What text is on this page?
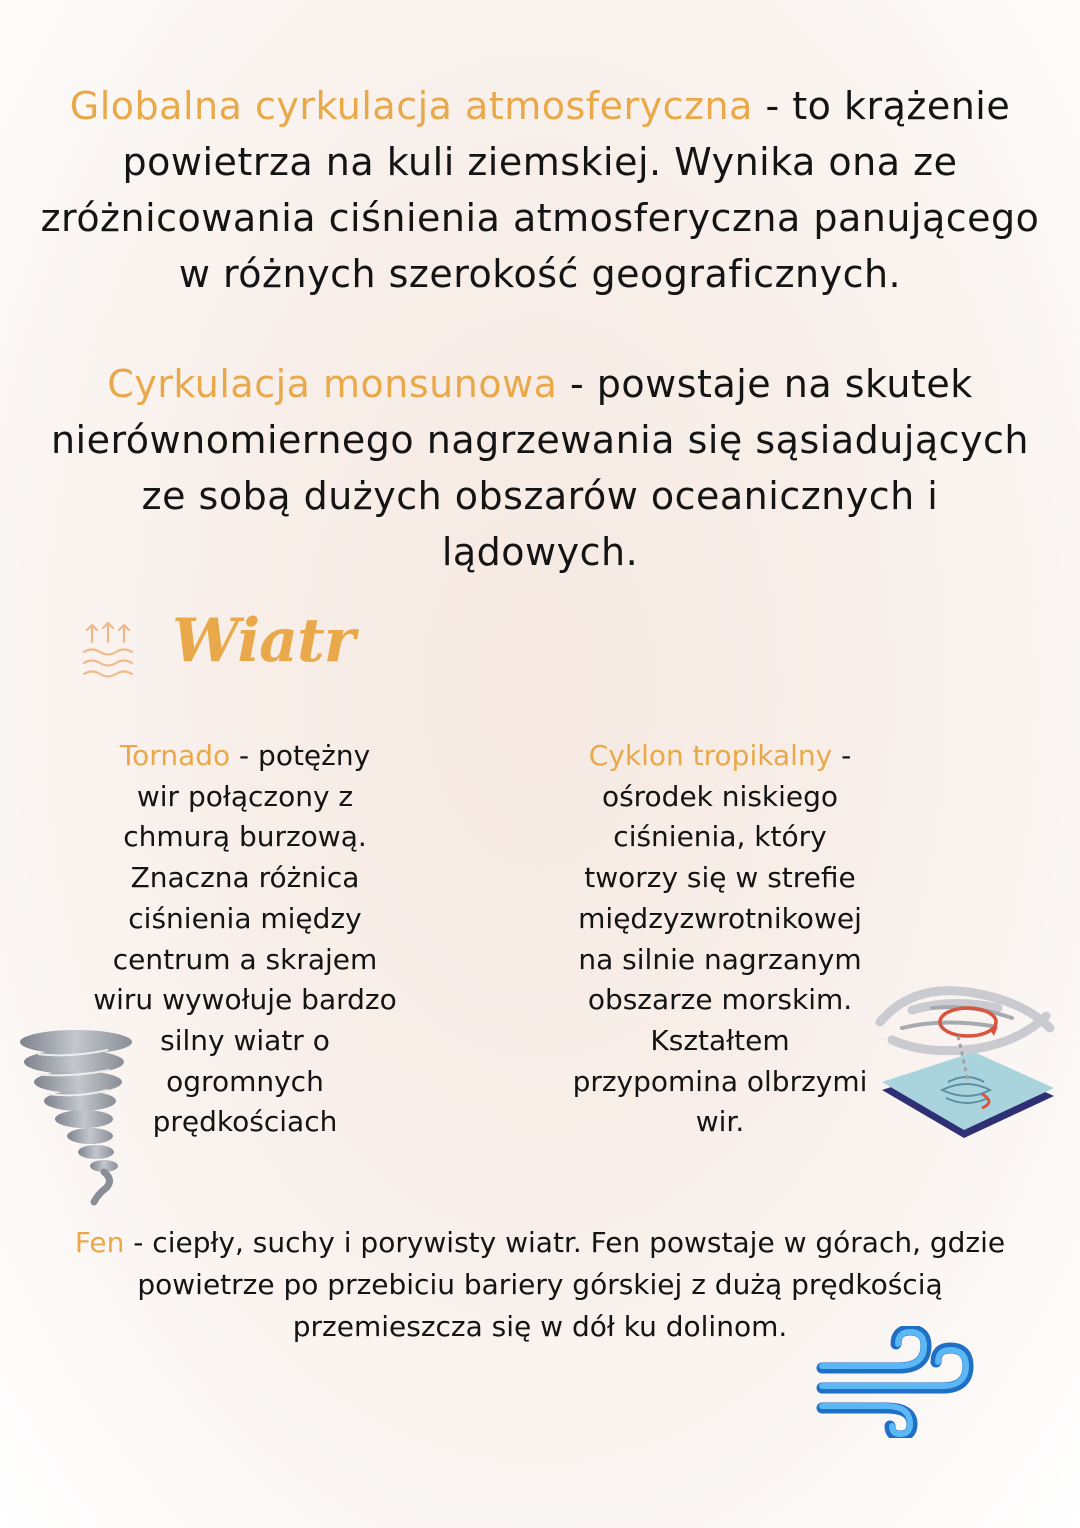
Globalna cyrkulacja atmosferyczna - to krążenie
powietrza na kuli ziemskiej. Wynika ona ze
zróżnicowania ciśnienia atmosferyczna panującego
w różnych szerokość geograficznych.
Cyrkulacja monsunowa - powstaje na skutek
nierównomiernego nagrzewania się sąsiadujących
ze sobą dużych obszarów oceanicznych i lądowych.
Wiatr
Tornado - potężny
wir połączony z
chmurą burzową.
Znaczna różnica
ciśnienia między
centrum a skrajem
wiru wywołuje bardzo
silny wiatr o
ogromnych
prędkościach
Cyklon tropikalny -
ośrodek niskiego
ciśnienia, który
tworzy się w strefie
międzyzwrotnikowej
na silnie nagrzanym
obszarze morskim.
Kształtem
przypomina olbrzymi
wir.
Fen - ciepły, suchy i porywisty wiatr. Fen powstaje w górach, gdzie
powietrze po przebiciu bariery górskiej z dużą prędkością
przemieszcza się w dół ku dolinom.
